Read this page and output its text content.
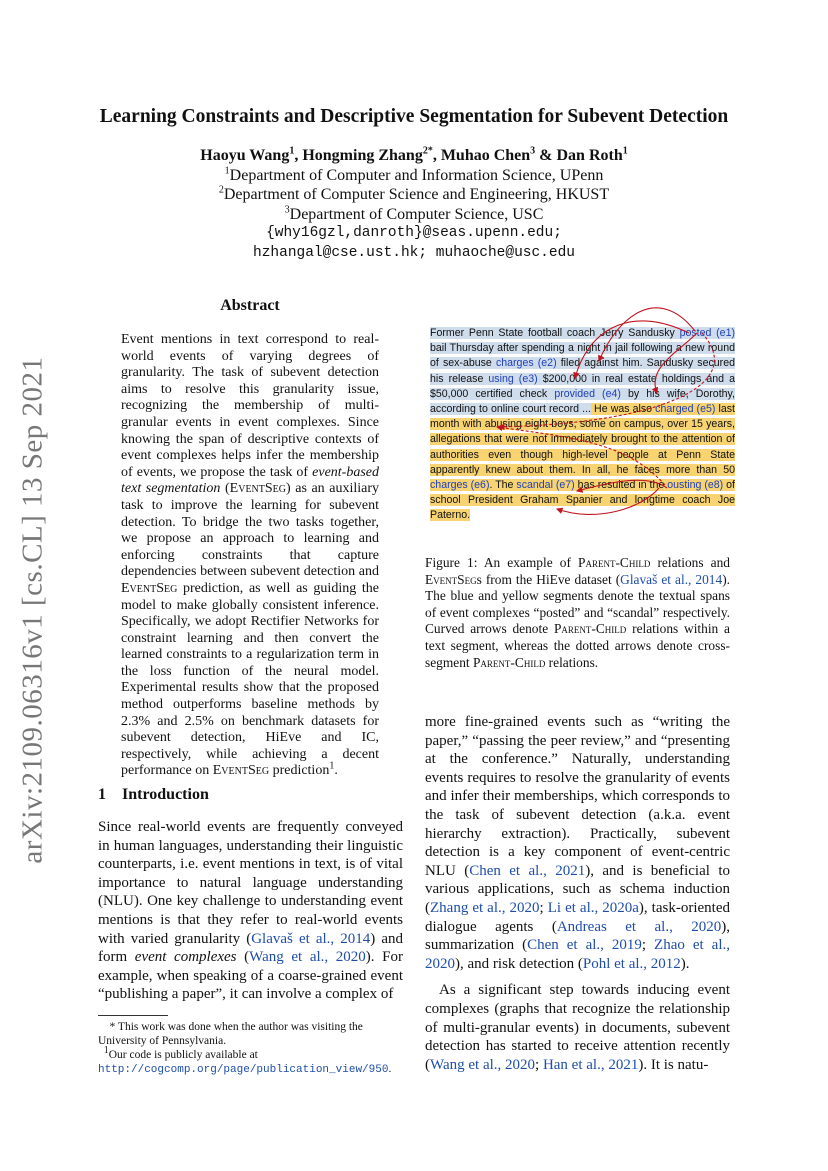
arXiv:2109.06316v1 [cs.CL] 13 Sep 2021
Learning Constraints and Descriptive Segmentation for Subevent Detection
Haoyu Wang$^1$, Hongming Zhang$^{2*}$, Muhao Chen$^3$ & Dan Roth$^1$
$^1$Department of Computer and Information Science, UPenn
$^2$Department of Computer Science and Engineering, HKUST
$^3$Department of Computer Science, USC
{why16gzl,danroth}@seas.upenn.edu;
hzhangal@cse.ust.hk; muhaoche@usc.edu
Abstract
Event mentions in text correspond to real-world events of varying degrees of granularity. The task of subevent detection aims to resolve this granularity issue, recognizing the membership of multi-granular events in event complexes. Since knowing the span of descriptive contexts of event complexes helps infer the membership of events, we propose the task of event-based text segmentation (EventSeg) as an auxiliary task to improve the learning for subevent detection. To bridge the two tasks together, we propose an approach to learning and enforcing constraints that capture dependencies between subevent detection and EventSeg prediction, as well as guiding the model to make globally consistent inference. Specifically, we adopt Rectifier Networks for constraint learning and then convert the learned constraints to a regularization term in the loss function of the neural model. Experimental results show that the proposed method outperforms baseline methods by 2.3% and 2.5% on benchmark datasets for subevent detection, HiEve and IC, respectively, while achieving a decent performance on EventSeg prediction$^1$.
1 Introduction
Since real-world events are frequently conveyed in human languages, understanding their linguistic counterparts, i.e. event mentions in text, is of vital importance to natural language understanding (NLU). One key challenge to understanding event mentions is that they refer to real-world events with varied granularity (Glavaš et al., 2014) and form event complexes (Wang et al., 2020). For example, when speaking of a coarse-grained event “publishing a paper”, it can involve a complex of
* This work was done when the author was visiting the University of Pennsylvania.
$^1$Our code is publicly available at http://cogcomp.org/page/publication_view/950.
Former Penn State football coach Jerry Sandusky posted (e1) bail Thursday after spending a night in jail following a new round of sex-abuse charges (e2) filed against him. Sandusky secured his release using (e3) $200,000 in real estate holdings and a $50,000 certified check provided (e4) by his wife, Dorothy, according to online court record ... He was also charged (e5) last month with abusing eight boys, some on campus, over 15 years, allegations that were not immediately brought to the attention of authorities even though high-level people at Penn State apparently knew about them. In all, he faces more than 50 charges (e6). The scandal (e7) has resulted in the ousting (e8) of school President Graham Spanier and longtime coach Joe Paterno.
Figure 1: An example of Parent-Child relations and EventSegs from the HiEve dataset (Glavaš et al., 2014). The blue and yellow segments denote the textual spans of event complexes “posted” and “scandal” respectively. Curved arrows denote Parent-Child relations within a text segment, whereas the dotted arrows denote cross-segment Parent-Child relations.

more fine-grained events such as “writing the paper,” “passing the peer review,” and “presenting at the conference.” Naturally, understanding events requires to resolve the granularity of events and infer their memberships, which corresponds to the task of subevent detection (a.k.a. event hierarchy extraction). Practically, subevent detection is a key component of event-centric NLU (Chen et al., 2021), and is beneficial to various applications, such as schema induction (Zhang et al., 2020; Li et al., 2020a), task-oriented dialogue agents (Andreas et al., 2020), summarization (Chen et al., 2019; Zhao et al., 2020), and risk detection (Pohl et al., 2012).

As a significant step towards inducing event complexes (graphs that recognize the relationship of multi-granular events) in documents, subevent detection has started to receive attention recently (Wang et al., 2020; Han et al., 2021). It is natu-
